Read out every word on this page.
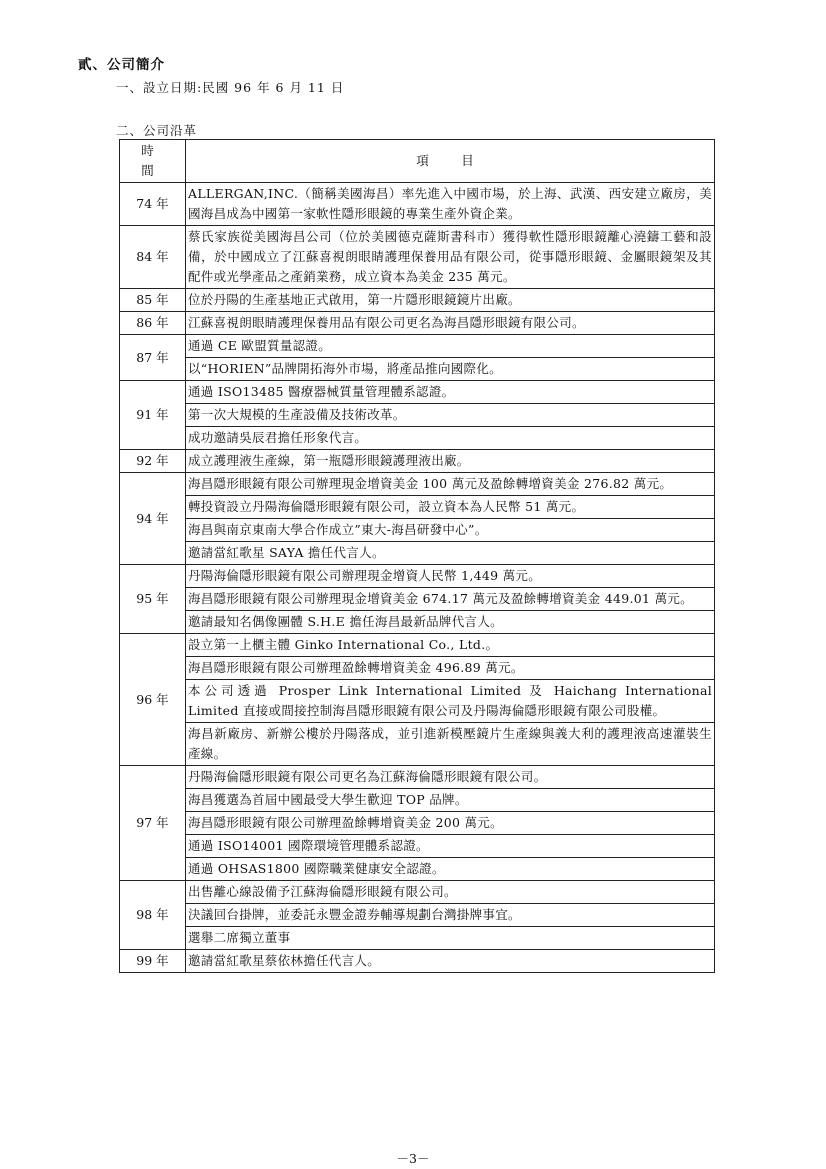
貳、公司簡介
一、設立日期:民國 96 年 6 月 11 日
二、公司沿革
時　間	項　目
74 年	ALLERGAN,INC.（簡稱美國海昌）率先進入中國市場，於上海、武漢、西安建立廠房，美國海昌成為中國第一家軟性隱形眼鏡的專業生產外資企業。
84 年	蔡氏家族從美國海昌公司（位於美國德克薩斯書科市）獲得軟性隱形眼鏡離心澆鑄工藝和設備，於中國成立了江蘇喜視朗眼睛護理保養用品有限公司，從事隱形眼鏡、金屬眼鏡架及其配件或光學產品之產銷業務，成立資本為美金 235 萬元。
85 年	位於丹陽的生產基地正式啟用，第一片隱形眼鏡鏡片出廠。
86 年	江蘇喜視朗眼睛護理保養用品有限公司更名為海昌隱形眼鏡有限公司。
87 年	通過 CE 歐盟質量認證。
	以“HORIEN”品牌開拓海外市場，將產品推向國際化。
91 年	通過 ISO13485 醫療器械質量管理體系認證。
	第一次大規模的生產設備及技術改革。
	成功邀請吳辰君擔任形象代言。
92 年	成立護理液生產線，第一瓶隱形眼鏡護理液出廠。
94 年	海昌隱形眼鏡有限公司辦理現金增資美金 100 萬元及盈餘轉增資美金 276.82 萬元。
	轉投資設立丹陽海倫隱形眼鏡有限公司，設立資本為人民幣 51 萬元。
	海昌與南京東南大學合作成立”東大-海昌研發中心”。
	邀請當紅歌星 SAYA 擔任代言人。
95 年	丹陽海倫隱形眼鏡有限公司辦理現金增資人民幣 1,449 萬元。
	海昌隱形眼鏡有限公司辦理現金增資美金 674.17 萬元及盈餘轉增資美金 449.01 萬元。
	邀請最知名偶像團體 S.H.E 擔任海昌最新品牌代言人。
96 年	設立第一上櫃主體 Ginko International Co., Ltd.。
	海昌隱形眼鏡有限公司辦理盈餘轉增資美金 496.89 萬元。
	本公司透過 Prosper Link International Limited 及 Haichang International Limited 直接或間接控制海昌隱形眼鏡有限公司及丹陽海倫隱形眼鏡有限公司股權。
	海昌新廠房、新辦公樓於丹陽落成，並引進新模壓鏡片生產線與義大利的護理液高速灌裝生產線。
97 年	丹陽海倫隱形眼鏡有限公司更名為江蘇海倫隱形眼鏡有限公司。
	海昌獲選為首屆中國最受大學生歡迎 TOP 品牌。
	海昌隱形眼鏡有限公司辦理盈餘轉增資美金 200 萬元。
	通過 ISO14001 國際環境管理體系認證。
	通過 OHSAS1800 國際職業健康安全認證。
98 年	出售離心線設備予江蘇海倫隱形眼鏡有限公司。
	決議回台掛牌，並委託永豐金證券輔導規劃台灣掛牌事宜。
	選舉二席獨立董事
99 年	邀請當紅歌星蔡依林擔任代言人。
－3－
